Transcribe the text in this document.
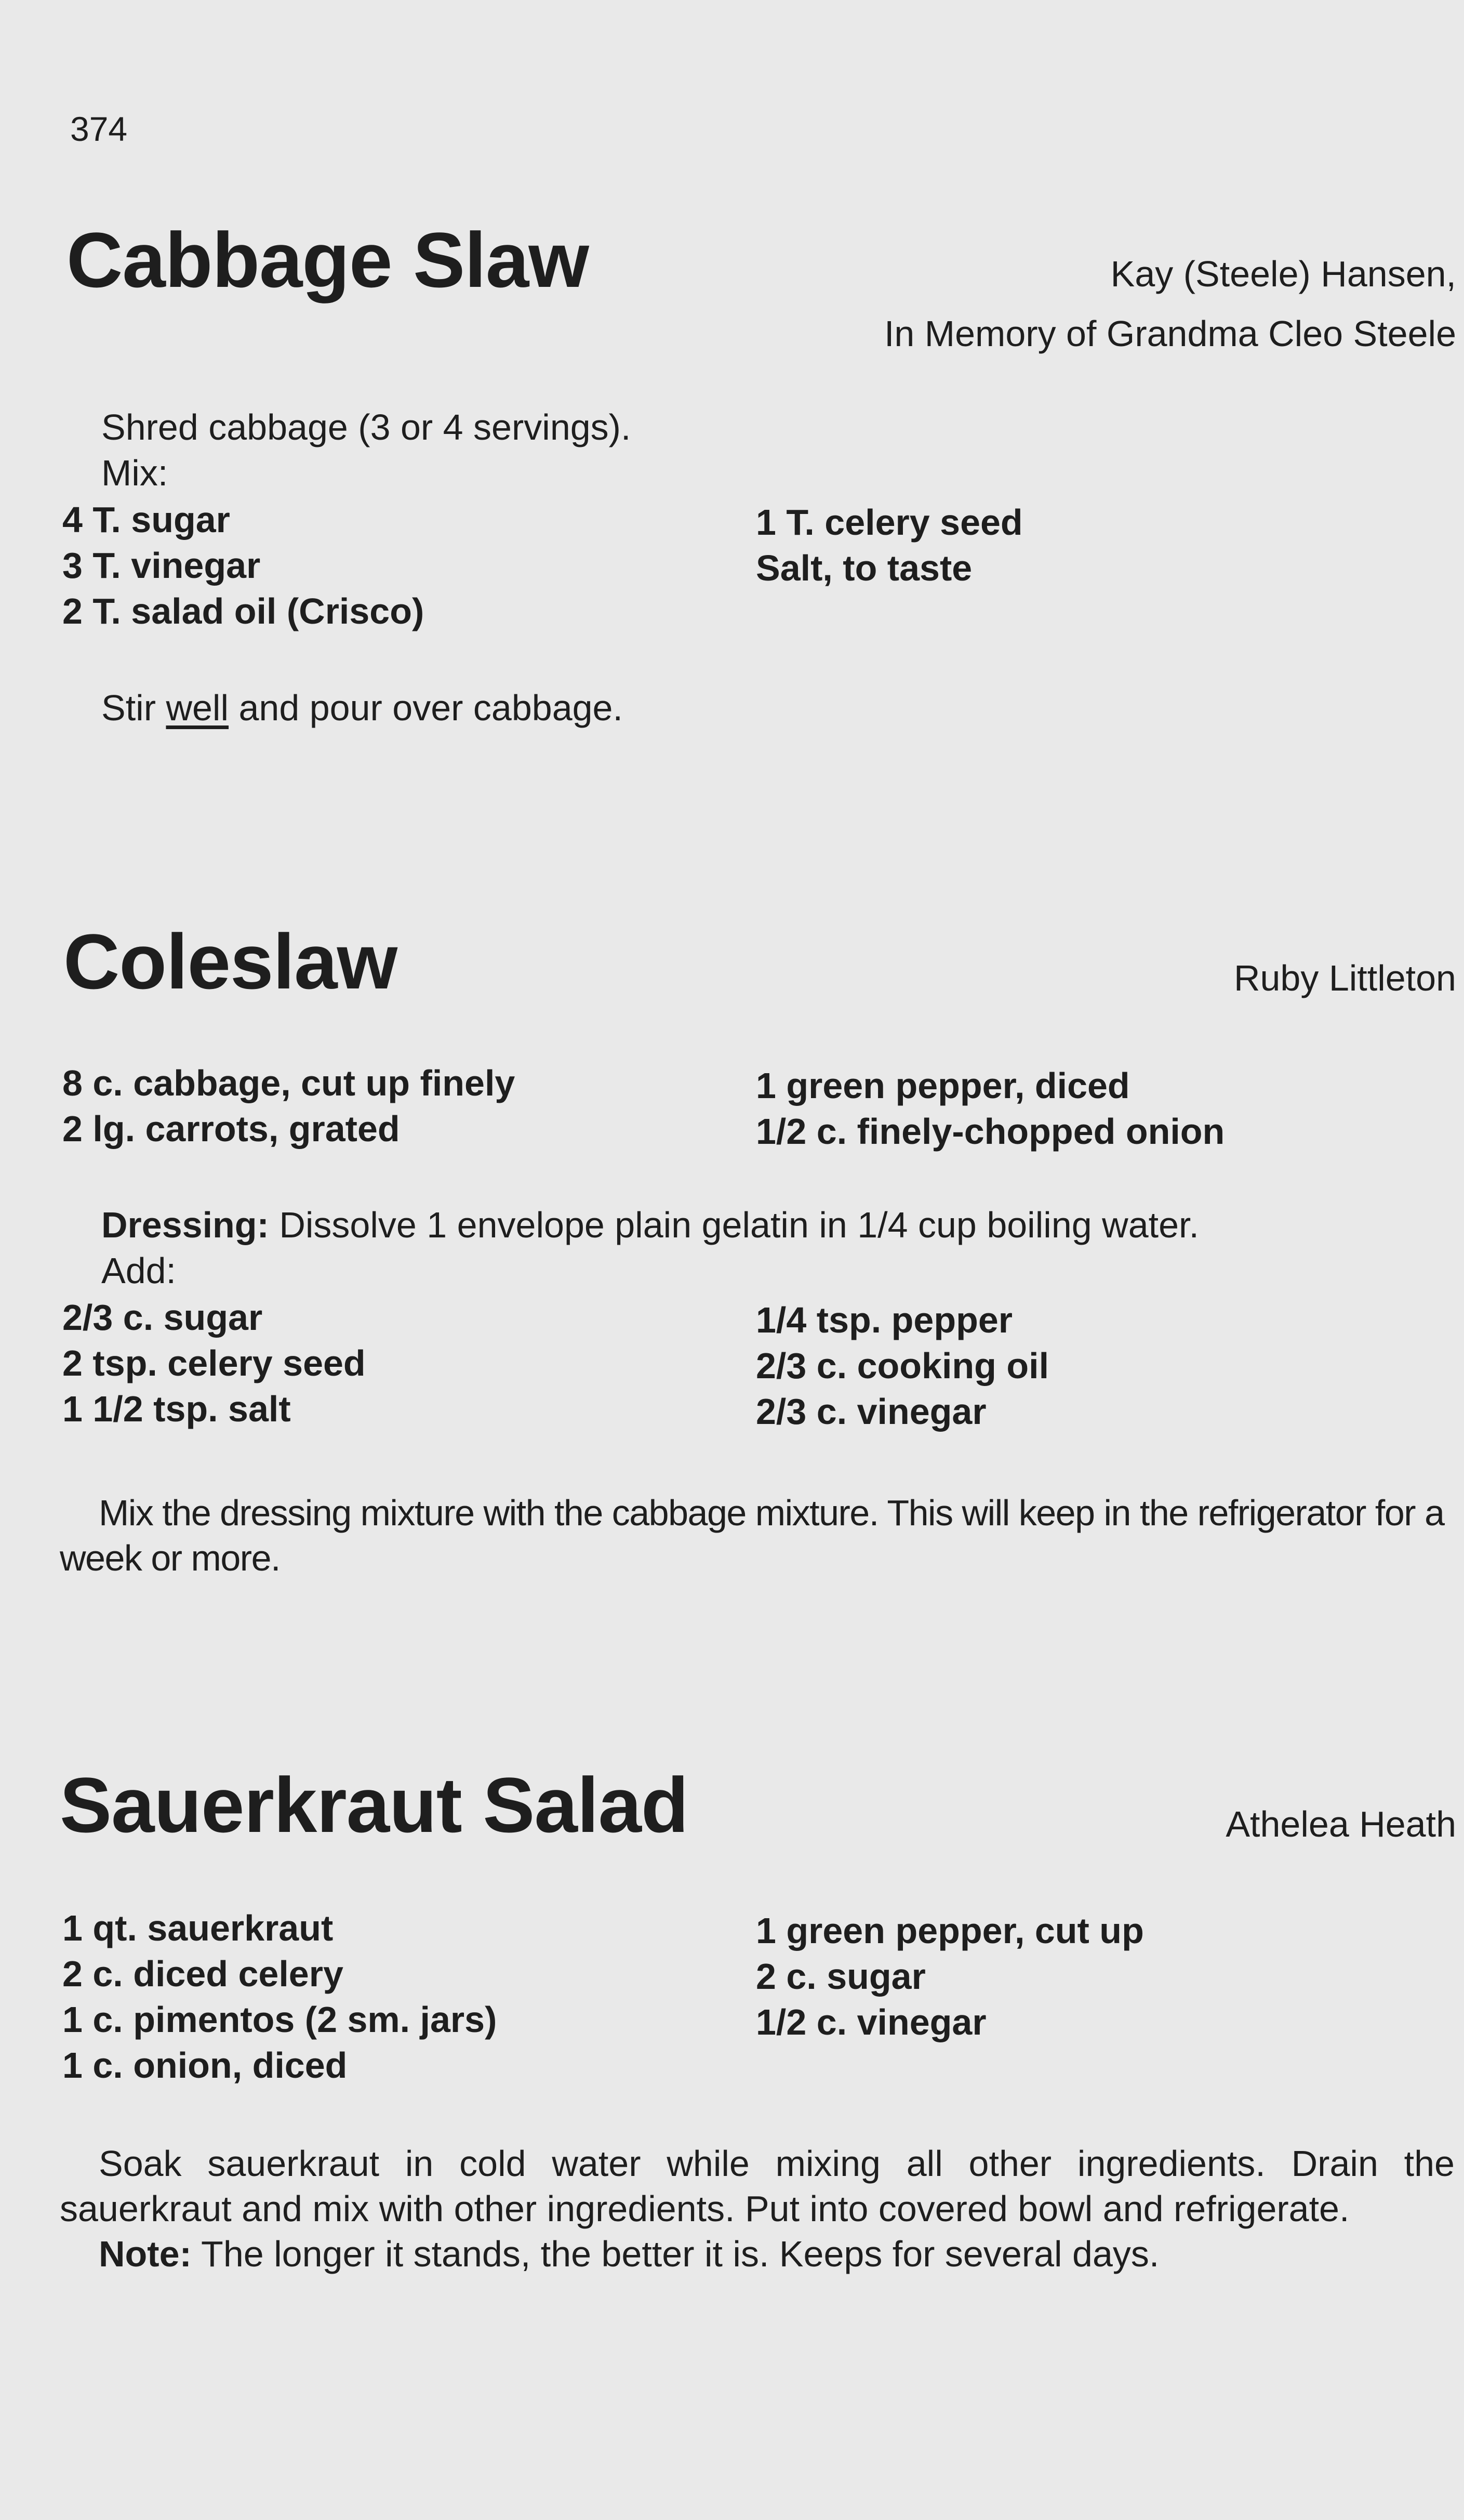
374
Cabbage Slaw	Kay (Steele) Hansen,
In Memory of Grandma Cleo Steele
Shred cabbage (3 or 4 servings).
Mix:
4 T. sugar
3 T. vinegar
2 T. salad oil (Crisco)
1 T. celery seed
Salt, to taste
Stir well and pour over cabbage.
Coleslaw	Ruby Littleton
8 c. cabbage, cut up finely
2 lg. carrots, grated
1 green pepper, diced
1/2 c. finely-chopped onion
Dressing: Dissolve 1 envelope plain gelatin in 1/4 cup boiling water.
Add:
2/3 c. sugar
2 tsp. celery seed
1 1/2 tsp. salt
1/4 tsp. pepper
2/3 c. cooking oil
2/3 c. vinegar
Mix the dressing mixture with the cabbage mixture. This will keep in the refrigerator for a week or more.
Sauerkraut Salad	Athelea Heath
1 qt. sauerkraut
2 c. diced celery
1 c. pimentos (2 sm. jars)
1 c. onion, diced
1 green pepper, cut up
2 c. sugar
1/2 c. vinegar
Soak sauerkraut in cold water while mixing all other ingredients. Drain the sauerkraut and mix with other ingredients. Put into covered bowl and refrigerate.
Note: The longer it stands, the better it is. Keeps for several days.
